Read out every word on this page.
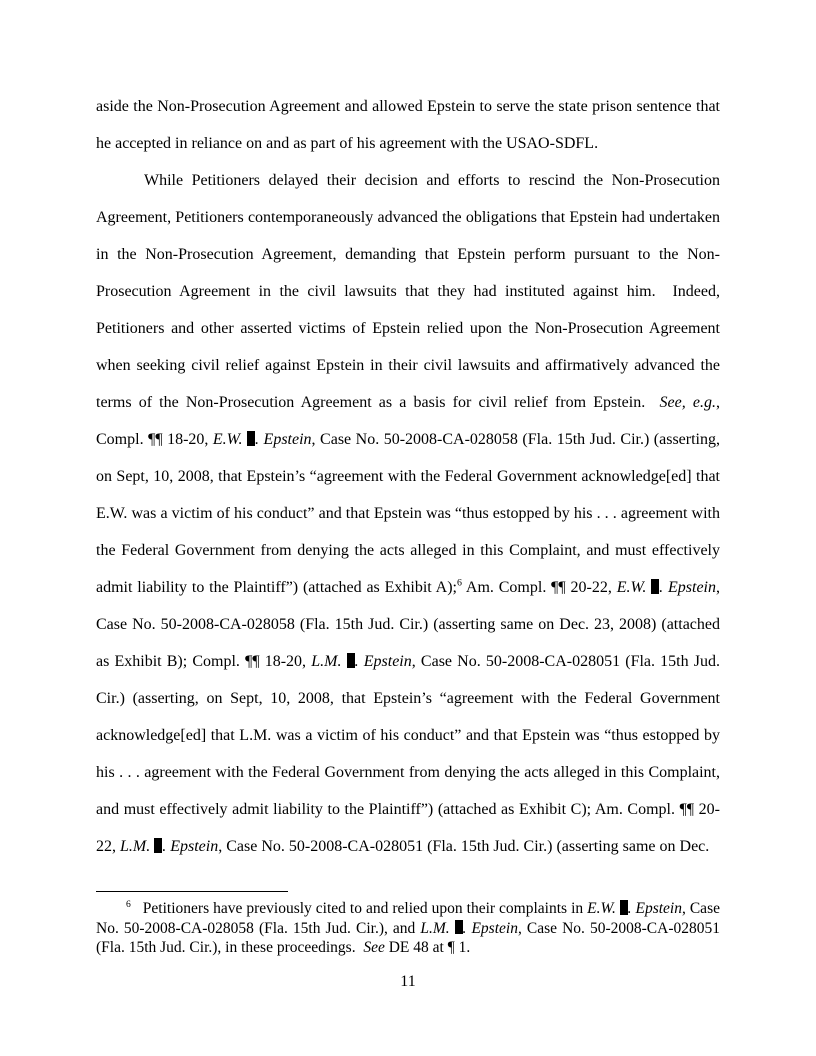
aside the Non-Prosecution Agreement and allowed Epstein to serve the state prison sentence that he accepted in reliance on and as part of his agreement with the USAO-SDFL.

While Petitioners delayed their decision and efforts to rescind the Non-Prosecution Agreement, Petitioners contemporaneously advanced the obligations that Epstein had undertaken in the Non-Prosecution Agreement, demanding that Epstein perform pursuant to the Non-Prosecution Agreement in the civil lawsuits that they had instituted against him.  Indeed, Petitioners and other asserted victims of Epstein relied upon the Non-Prosecution Agreement when seeking civil relief against Epstein in their civil lawsuits and affirmatively advanced the terms of the Non-Prosecution Agreement as a basis for civil relief from Epstein.  See, e.g., Compl. ¶¶ 18-20, E.W. . Epstein, Case No. 50-2008-CA-028058 (Fla. 15th Jud. Cir.) (asserting, on Sept, 10, 2008, that Epstein’s “agreement with the Federal Government acknowledge[ed] that E.W. was a victim of his conduct” and that Epstein was “thus estopped by his . . . agreement with the Federal Government from denying the acts alleged in this Complaint, and must effectively admit liability to the Plaintiff”) (attached as Exhibit A);$^6$ Am. Compl. ¶¶ 20-22, E.W. . Epstein, Case No. 50-2008-CA-028058 (Fla. 15th Jud. Cir.) (asserting same on Dec. 23, 2008) (attached as Exhibit B); Compl. ¶¶ 18-20, L.M. . Epstein, Case No. 50-2008-CA-028051 (Fla. 15th Jud. Cir.) (asserting, on Sept, 10, 2008, that Epstein’s “agreement with the Federal Government acknowledge[ed] that L.M. was a victim of his conduct” and that Epstein was “thus estopped by his . . . agreement with the Federal Government from denying the acts alleged in this Complaint, and must effectively admit liability to the Plaintiff”) (attached as Exhibit C); Am. Compl. ¶¶ 20-22, L.M. . Epstein, Case No. 50-2008-CA-028051 (Fla. 15th Jud. Cir.) (asserting same on Dec.

$^6$   Petitioners have previously cited to and relied upon their complaints in E.W. . Epstein, Case No. 50-2008-CA-028058 (Fla. 15th Jud. Cir.), and L.M. . Epstein, Case No. 50-2008-CA-028051 (Fla. 15th Jud. Cir.), in these proceedings.  See DE 48 at ¶ 1.

11
